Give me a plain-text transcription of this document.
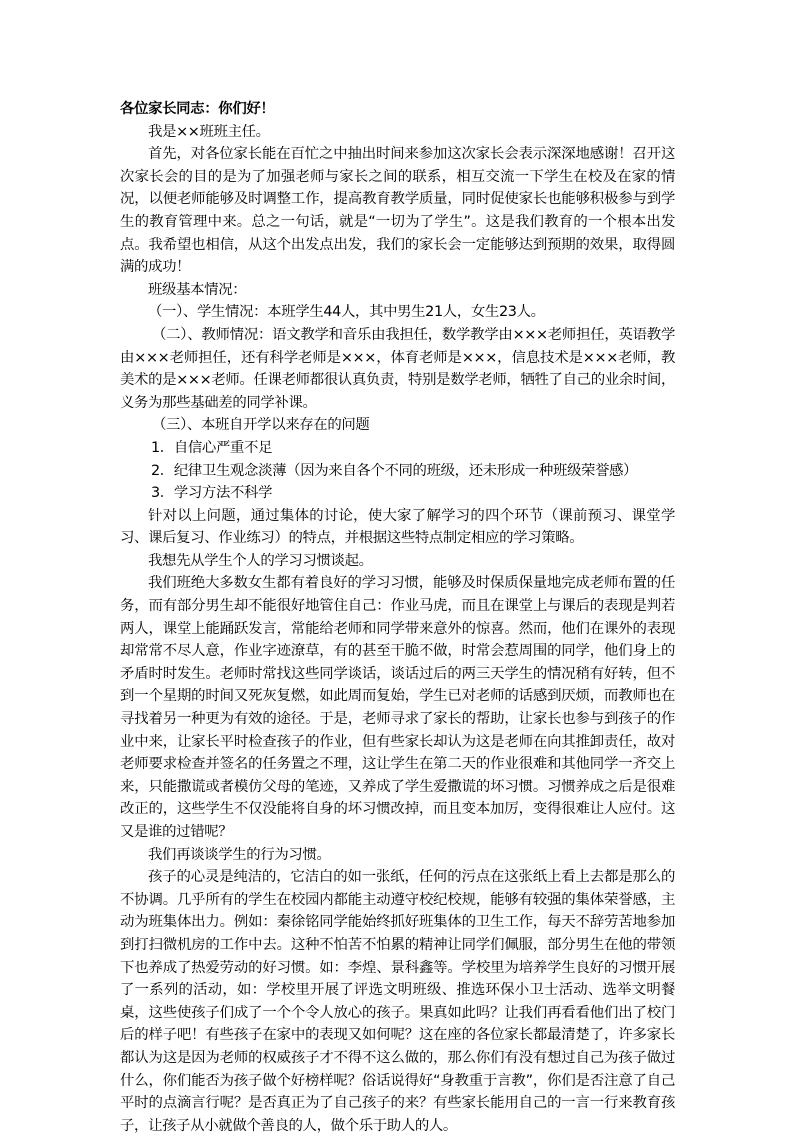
各位家长同志：你们好！

我是××班班主任。

首先，对各位家长能在百忙之中抽出时间来参加这次家长会表示深深地感谢！召开这次家长会的目的是为了加强老师与家长之间的联系，相互交流一下学生在校及在家的情况，以便老师能够及时调整工作，提高教育教学质量，同时促使家长也能够积极参与到学生的教育管理中来。总之一句话，就是“一切为了学生”。这是我们教育的一个根本出发点。我希望也相信，从这个出发点出发，我们的家长会一定能够达到预期的效果，取得圆满的成功！

班级基本情况：

（一）、学生情况：本班学生44人，其中男生21人，女生23人。

（二）、教师情况：语文教学和音乐由我担任，数学教学由×××老师担任，英语教学由×××老师担任，还有科学老师是×××，体育老师是×××，信息技术是×××老师，教美术的是×××老师。任课老师都很认真负责，特别是数学老师，牺牲了自己的业余时间，义务为那些基础差的同学补课。

（三）、本班自开学以来存在的问题

1．自信心严重不足

2．纪律卫生观念淡薄（因为来自各个不同的班级，还未形成一种班级荣誉感）

3．学习方法不科学

针对以上问题，通过集体的讨论，使大家了解学习的四个环节（课前预习、课堂学习、课后复习、作业练习）的特点，并根据这些特点制定相应的学习策略。

我想先从学生个人的学习习惯谈起。

我们班绝大多数女生都有着良好的学习习惯，能够及时保质保量地完成老师布置的任务，而有部分男生却不能很好地管住自己：作业马虎，而且在课堂上与课后的表现是判若两人，课堂上能踊跃发言，常能给老师和同学带来意外的惊喜。然而，他们在课外的表现却常常不尽人意，作业字迹潦草，有的甚至干脆不做，时常会惹周围的同学，他们身上的矛盾时时发生。老师时常找这些同学谈话，谈话过后的两三天学生的情况稍有好转，但不到一个星期的时间又死灰复燃，如此周而复始，学生已对老师的话感到厌烦，而教师也在寻找着另一种更为有效的途径。于是，老师寻求了家长的帮助，让家长也参与到孩子的作业中来，让家长平时检查孩子的作业，但有些家长却认为这是老师在向其推卸责任，故对老师要求检查并签名的任务置之不理，这让学生在第二天的作业很难和其他同学一齐交上来，只能撒谎或者模仿父母的笔迹，又养成了学生爱撒谎的坏习惯。习惯养成之后是很难改正的，这些学生不仅没能将自身的坏习惯改掉，而且变本加厉，变得很难让人应付。这又是谁的过错呢？

我们再谈谈学生的行为习惯。

孩子的心灵是纯洁的，它洁白的如一张纸，任何的污点在这张纸上看上去都是那么的不协调。几乎所有的学生在校园内都能主动遵守校纪校规，能够有较强的集体荣誉感，主动为班集体出力。例如：秦徐铭同学能始终抓好班集体的卫生工作，每天不辞劳苦地参加到打扫微机房的工作中去。这种不怕苦不怕累的精神让同学们佩服，部分男生在他的带领下也养成了热爱劳动的好习惯。如：李煌、景科鑫等。学校里为培养学生良好的习惯开展了一系列的活动，如：学校里开展了评选文明班级、推选环保小卫士活动、选举文明餐桌，这些使孩子们成了一个个令人放心的孩子。果真如此吗？让我们再看看他们出了校门后的样子吧！有些孩子在家中的表现又如何呢？这在座的各位家长都最清楚了，许多家长都认为这是因为老师的权威孩子才不得不这么做的，那么你们有没有想过自己为孩子做过什么，你们能否为孩子做个好榜样呢？俗话说得好“身教重于言教”，你们是否注意了自己平时的点滴言行呢？是否真正为了自己孩子的来？有些家长能用自己的一言一行来教育孩子，让孩子从小就做个善良的人，做个乐于助人的人。
